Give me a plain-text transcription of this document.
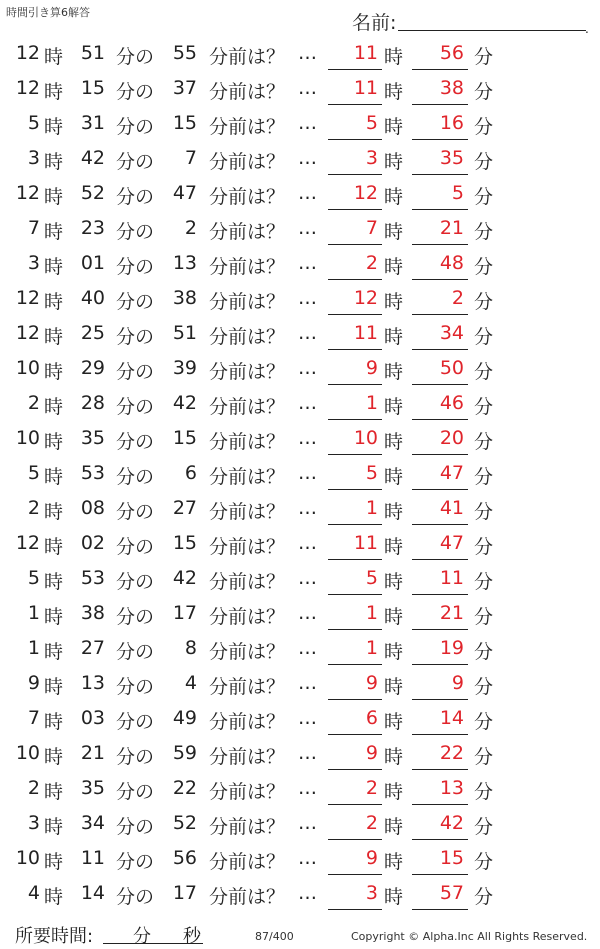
時間引き算6解答	名前:	.
12 時 51 分の 55 分前は？ …	11 時	56 分
12 時 15 分の 37 分前は？ …	11 時	38 分
5 時 31 分の 15 分前は？ …	5 時	16 分
3 時 42 分の	7 分前は？ …	3 時	35 分
12 時 52 分の 47 分前は？ …	12 時	5 分
7 時 23 分の	2 分前は？ …	7 時	21 分
3 時 01 分の 13 分前は？ …	2 時	48 分
12 時 40 分の 38 分前は？ …	12 時	2 分
12 時 25 分の 51 分前は？ …	11 時	34 分
10 時 29 分の 39 分前は？ …	9 時	50 分
2 時 28 分の 42 分前は？ …	1 時	46 分
10 時 35 分の 15 分前は？ …	10 時	20 分
5 時 53 分の	6 分前は？ …	5 時	47 分
2 時 08 分の 27 分前は？ …	1 時	41 分
12 時 02 分の 15 分前は？ …	11 時	47 分
5 時 53 分の 42 分前は？ …	5 時	11 分
1 時 38 分の 17 分前は？ …	1 時	21 分
1 時 27 分の	8 分前は？ …	1 時	19 分
9 時 13 分の	4 分前は？ …	9 時	9 分
7 時 03 分の 49 分前は？ …	6 時	14 分
10 時 21 分の 59 分前は？ …	9 時	22 分
2 時 35 分の 22 分前は？ …	2 時	13 分
3 時 34 分の 52 分前は？ …	2 時	42 分
10 時 11 分の 56 分前は？ …	9 時	15 分
4 時 14 分の 17 分前は？ …	3 時	57 分
所要時間: 分 秒	87/400	Copyright © Alpha.Inc All Rights Reserved.
